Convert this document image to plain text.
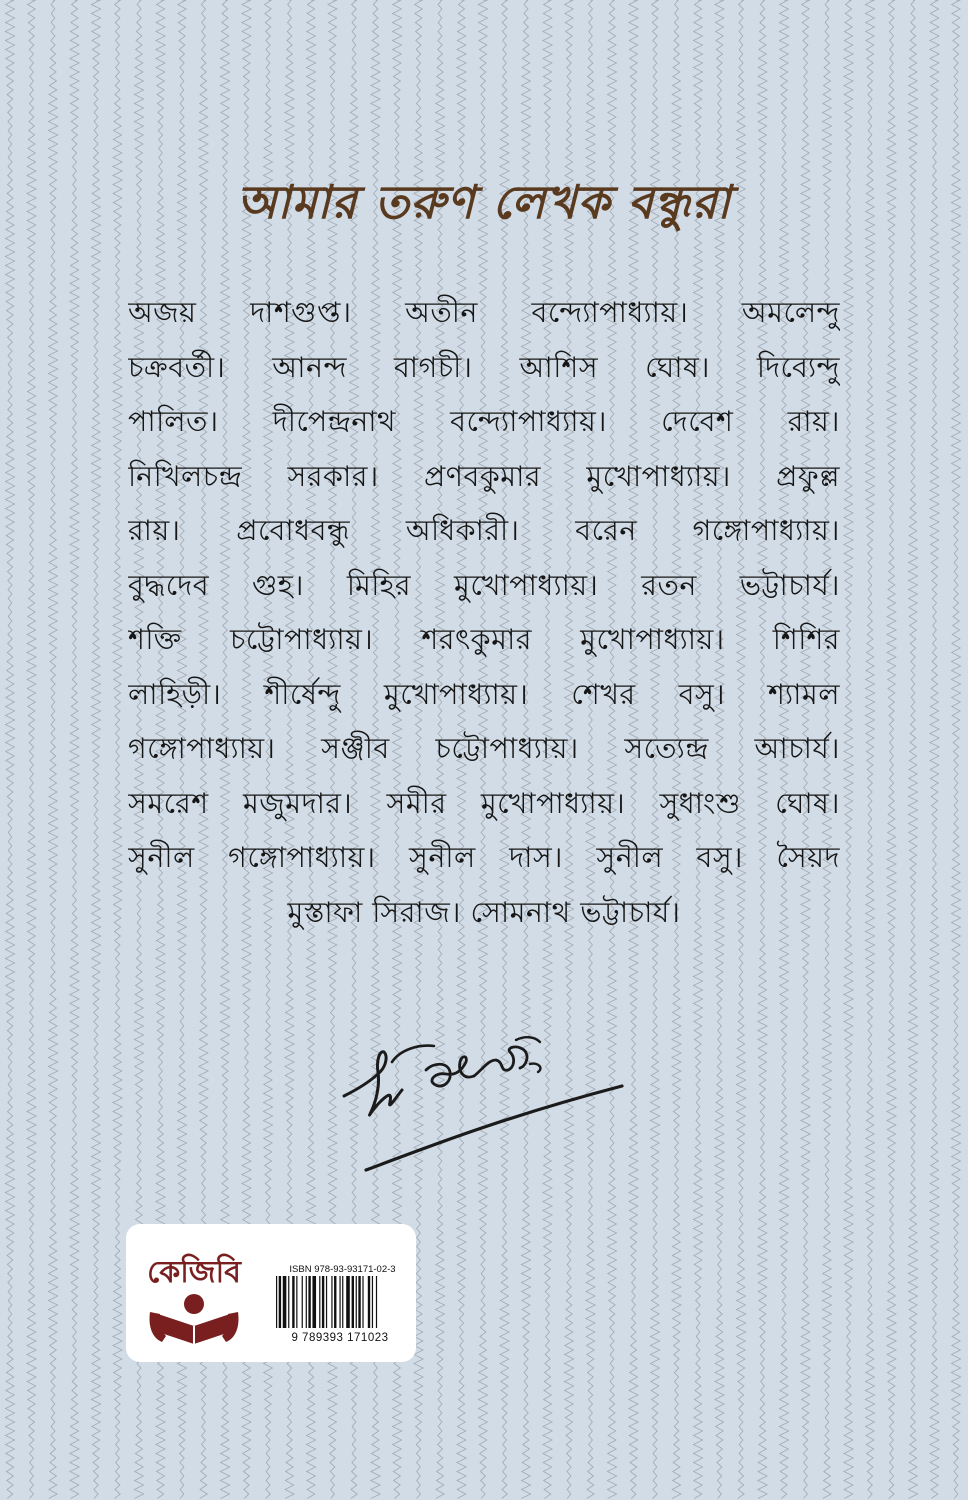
আমার তরুণ লেখক বন্ধুরা
অজয় দাশগুপ্ত। অতীন বন্দ্যোপাধ্যায়। অমলেন্দু
চক্রবর্তী। আনন্দ বাগচী। আশিস ঘোষ। দিব্যেন্দু
পালিত। দীপেন্দ্রনাথ বন্দ্যোপাধ্যায়। দেবেশ রায়।
নিখিলচন্দ্র সরকার। প্রণবকুমার মুখোপাধ্যায়। প্রফুল্ল
রায়। প্রবোধবন্ধু অধিকারী। বরেন গঙ্গোপাধ্যায়।
বুদ্ধদেব গুহ। মিহির মুখোপাধ্যায়। রতন ভট্টাচার্য।
শক্তি চট্টোপাধ্যায়। শরৎকুমার মুখোপাধ্যায়। শিশির
লাহিড়ী। শীর্ষেন্দু মুখোপাধ্যায়। শেখর বসু। শ্যামল
গঙ্গোপাধ্যায়। সঞ্জীব চট্টোপাধ্যায়। সত্যেন্দ্র আচার্য।
সমরেশ মজুমদার। সমীর মুখোপাধ্যায়। সুধাংশু ঘোষ।
সুনীল গঙ্গোপাধ্যায়। সুনীল দাস। সুনীল বসু। সৈয়দ
মুস্তাফা সিরাজ। সোমনাথ ভট্টাচার্য।
কেজিবি	ISBN 978-93-93171-02-3
9 789393 171023
